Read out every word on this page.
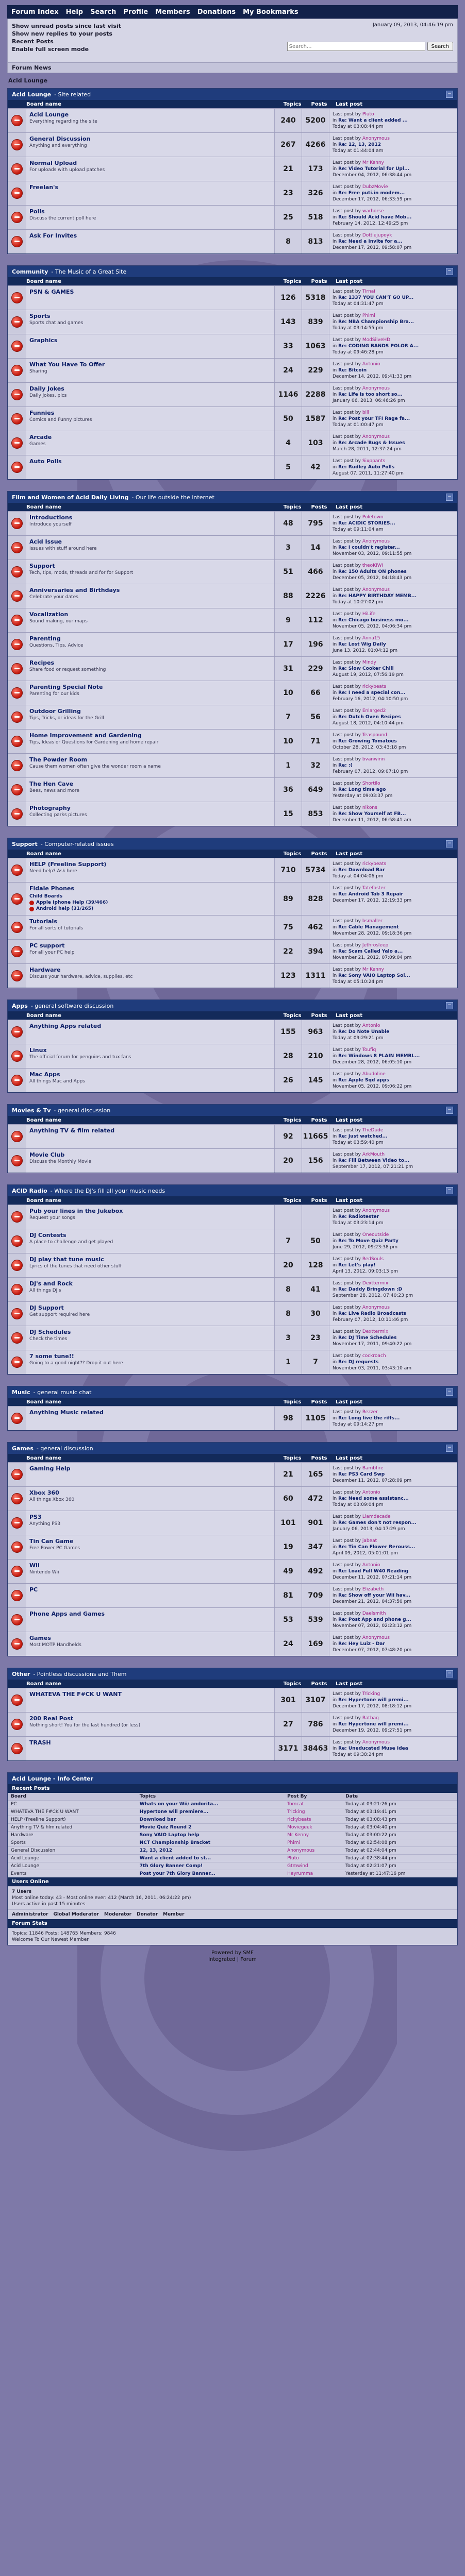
Forum Index Help Search Profile Members Donations My Bookmarks
Show unread posts since last visit
Show new replies to your posts
Recent Posts
Enable full screen mode
January 09, 2013, 04:46:19 pm
Search...
Search
Forum News
Acid Lounge
Acid Lounge - Site related	−
Board name	Topics	Posts	Last post
Acid Lounge
Everything regarding the site	240	5200
Last post by Pluto
in Re: Want a client added ...
Today at 03:08:44 pm
General Discussion
Anything and everything	267	4266
Last post by Anonymous
in Re: 12, 13, 2012
Today at 01:44:04 am
Normal Upload
For uploads with upload patches	21	173
Last post by Mr Kenny
in Re: Video Tutorial for Upl...
December 04, 2012, 06:38:44 pm
Freelan's
23	326
Last post by DubzMovie
in Re: Free puti.in modem...
December 17, 2012, 06:33:59 pm
Polls
Discuss the current poll here	25	518
Last post by warhorse
in Re: Should Acid have Mob...
February 14, 2012, 12:49:25 pm
Ask For Invites
8	813
Last post by Dottiejupoyk
in Re: Need a Invite for a...
December 17, 2012, 09:58:07 pm
Community - The Music of a Great Site	−
Board name	Topics	Posts	Last post
PSN & GAMES
126	5318
Last post by Tirnai
in Re: 1337 YOU CAN'T GO UP...
Today at 04:31:47 pm
Sports
Sports chat and games	143	839
Last post by Phimi
in Re: NBA Championship Bra...
Today at 03:14:55 pm
Graphics
33	1063
Last post by ModSilveHD
in Re: CODING BANDS POLOR A...
Today at 09:46:28 pm
What You Have To Offer
Sharing	24	229
Last post by Antonio
in Re: Bitcoin
December 14, 2012, 09:41:33 pm
Daily Jokes
Daily jokes, pics	1146	2288
Last post by Anonymous
in Re: Life is too short so...
January 06, 2013, 06:46:26 pm
Funnies
Comics and Funny pictures	50	1587
Last post by bill
in Re: Post your TFI Rage fa...
Today at 01:00:47 pm
Arcade
Games	4	103
Last post by Anonymous
in Re: Arcade Bugs & Issues
March 28, 2011, 12:37:24 pm
Auto Polls
5	42
Last post by Sixppants
in Re: Rudley Auto Polls
August 07, 2011, 11:27:40 pm
Film and Women of Acid Daily Living - Our life outside the internet	−
Board name	Topics	Posts	Last post
Introductions
Introduce yourself	48	795
Last post by Poletown
in Re: ACIDIC STORIES...
Today at 09:11:04 am
Acid Issue
Issues with stuff around here	3	14
Last post by Anonymous
in Re: I couldn't register...
November 03, 2012, 09:11:55 pm
Support
Tech, tips, mods, threads and for for Support	51	466
Last post by theoKIWI
in Re: 150 Adults ON phones
December 05, 2012, 04:18:43 pm
Anniversaries and Birthdays
Celebrate your dates	88	2226
Last post by Anonymous
in Re: HAPPY BIRTHDAY MEMB...
Today at 10:27:02 pm
Vocalization
Sound making, our maps	9	112
Last post by HiLife
in Re: Chicago business mo...
November 05, 2012, 04:06:34 pm
Parenting
Questions, Tips, Advice	17	196
Last post by Anna15
in Re: Lost Wig Daily
June 13, 2012, 01:04:12 pm
Recipes
Share food or request something	31	229
Last post by Mindy
in Re: Slow Cooker Chili
August 19, 2012, 07:56:19 pm
Parenting Special Note
Parenting for our kids	10	66
Last post by rickybeats
in Re: I need a special con...
February 16, 2012, 04:10:50 pm
Outdoor Grilling
Tips, Tricks, or ideas for the Grill	7	56
Last post by Enlarged2
in Re: Dutch Oven Recipes
August 18, 2012, 04:10:44 pm
Home Improvement and Gardening
Tips, Ideas or Questions for Gardening and home repair	10	71
Last post by Teaspound
in Re: Growing Tomatoes
October 28, 2012, 03:43:18 pm
The Powder Room
Cause them women often give the wonder room a name	1	32
Last post by bvanwinn
in Re: :(
February 07, 2012, 09:07:10 pm
The Hen Cave
Bees, news and more	36	649
Last post by Shortilo
in Re: Long time ago
Yesterday at 09:03:37 pm
Photography
Collecting parks pictures	15	853
Last post by nikons
in Re: Show Yourself at FB...
December 11, 2012, 06:58:41 am
Support - Computer-related issues	−
Board name	Topics	Posts	Last post
HELP (Freeline Support)
Need help? Ask here	710	5734
Last post by rickybeats
in Re: Download Bar
Today at 04:04:06 pm
Fidale Phones
Child Boards
Apple Iphone Help (39/466)
Android help (31/265)
89	828
Last post by Tatefaster
in Re: Android Tab 3 Repair
December 17, 2012, 12:19:33 pm
Tutorials
For all sorts of tutorials	75	462
Last post by bsmaller
in Re: Cable Management
November 28, 2012, 09:18:36 pm
PC support
For all your PC help	22	394
Last post by Jethrosleep
in Re: Scam Called Yalo a...
November 21, 2012, 07:09:04 pm
Hardware
Discuss your hardware, advice, supplies, etc	123	1311
Last post by Mr Kenny
in Re: Sony VAIO Laptop Sol...
Today at 05:10:24 pm
Apps - general software discussion	−
Board name	Topics	Posts	Last post
Anything Apps related
155	963
Last post by Antonio
in Re: Do Note Unable
Today at 09:29:21 pm
Linux
The official forum for penguins and tux fans	28	210
Last post by Toufiq
in Re: Windows 8 PLAIN MEMBL...
December 28, 2012, 06:05:10 pm
Mac Apps
All things Mac and Apps	26	145
Last post by Abudoline
in Re: Apple Sqd apps
November 05, 2012, 09:06:22 pm
Movies & Tv - general discussion	−
Board name	Topics	Posts	Last post
Anything TV & film related
92	11665
Last post by TheDude
in Re: Just watched...
Today at 03:59:40 pm
Movie Club
Discuss the Monthly Movie	20	156
Last post by ArkMouth
in Re: Fill Between Video to...
September 17, 2012, 07:21:21 pm
ACID Radio - Where the DJ's fill all your music needs	−
Board name	Topics	Posts	Last post
Pub your lines in the Jukebox
Request your songs
Last post by Anonymous
in Re: Radiotester
Today at 03:23:14 pm
DJ Contests
A place to challenge and get played	7	50
Last post by Oneoutside
in Re: To Move Quiz Party
June 29, 2012, 09:23:38 pm
DJ play that tune music
Lyrics of the tunes that need other stuff	20	128
Last post by RedSouls
in Re: Let's play!
April 13, 2012, 09:03:13 pm
DJ's and Rock
All things DJ's	8	41
Last post by Dexttermix
in Re: Daddy Bringdown :D
September 28, 2012, 07:40:23 pm
DJ Support
Get support required here	8	30
Last post by Anonymous
in Re: Live Radio Broadcasts
February 07, 2012, 10:11:46 pm
DJ Schedules
Check the times	3	23
Last post by Dexttermix
in Re: DJ Time Schedules
November 17, 2011, 09:40:22 pm
7 some tune!!
Going to a good night?? Drop it out here	1	7
Last post by cockroach
in Re: DJ requests
November 03, 2011, 03:43:10 am
Music - general music chat	−
Board name	Topics	Posts	Last post
Anything Music related
98	1105
Last post by Rezzer
in Re: Long live the riffs...
Today at 09:14:27 pm
Games - general discussion	−
Board name	Topics	Posts	Last post
Gaming Help
21	165
Last post by Bambfire
in Re: PS3 Card Swp
December 11, 2012, 07:28:09 pm
Xbox 360
All things Xbox 360	60	472
Last post by Antonio
in Re: Need some assistanc...
Today at 03:09:04 pm
PS3
Anything PS3	101	901
Last post by Liamdecade
in Re: Games don't not respon...
January 06, 2013, 04:17:29 pm
Tin Can Game
Free Power PC Games	19	347
Last post by jabeat
in Re: Tin Can Flower Rerouss...
April 09, 2012, 05:01:01 pm
Wii
Nintendo Wii	49	492
Last post by Antonio
in Re: Load Full W40 Reading
December 11, 2012, 07:21:14 pm
PC
81	709
Last post by Elizabeth
in Re: Show off your Wii hav...
December 21, 2012, 04:37:50 pm
Phone Apps and Games
53	539
Last post by Daelsmith
in Re: Post App and phone g...
November 07, 2012, 02:23:12 pm
Games
Most MOTP Handhelds	24	169
Last post by Anonymous
in Re: Hey Luiz - Dar
December 07, 2012, 07:48:20 pm
Other - Pointless discussions and Them	−
Board name	Topics	Posts	Last post
WHATEVA THE F#CK U WANT
301	3107
Last post by Tricking
in Re: Hypertone will premi...
December 17, 2012, 08:18:12 pm
200 Real Post
Nothing short! You for the last hundred (or less)	27	786
Last post by Ratbag
in Re: Hypertone will premi...
December 19, 2012, 09:27:51 pm
TRASH
3171 38463
Last post by Anonymous
in Re: Uneducated Muse Idea
Today at 09:38:24 pm
Acid Lounge - Info Center
Recent Posts
Board	Topics	Post By	Date
PC	Whats on your Wii/ andorita...	Tomcat	Today at 03:21:26 pm
WHATEVA THE F#CK U WANT	Hypertone will premiere...	Tricking	Today at 03:19:41 pm
HELP (Freeline Support)	Download bar	rickybeats	Today at 03:08:43 pm
Anything TV & film related	Movie Quiz Round 2	Moviegeek	Today at 03:04:40 pm
Hardware	Sony VAIO Laptop help	Mr Kenny	Today at 03:00:22 pm
Sports	NCT Championship Bracket	Phimi	Today at 02:54:08 pm
General Discussion	12, 13, 2012	Anonymous	Today at 02:44:04 pm
Acid Lounge	Want a client added to st...	Pluto	Today at 02:38:44 pm
Acid Lounge	7th Glory Banner Comp!	Gtmwind	Today at 02:21:07 pm
Events	Post your 7th Glory Banner...	Heyrumma	Yesterday at 11:47:16 pm
Users Online
7 Users
Most online today: 43 - Most online ever: 412 (March 16, 2011, 06:24:22 pm)
Users active in past 15 minutes
Administrator Global Moderator Moderator Donator Member
Forum Stats
Topics: 11846 Posts: 148765 Members: 9846
Welcome To Our Newest Member
Powered by SMF
Integrated | Forum
